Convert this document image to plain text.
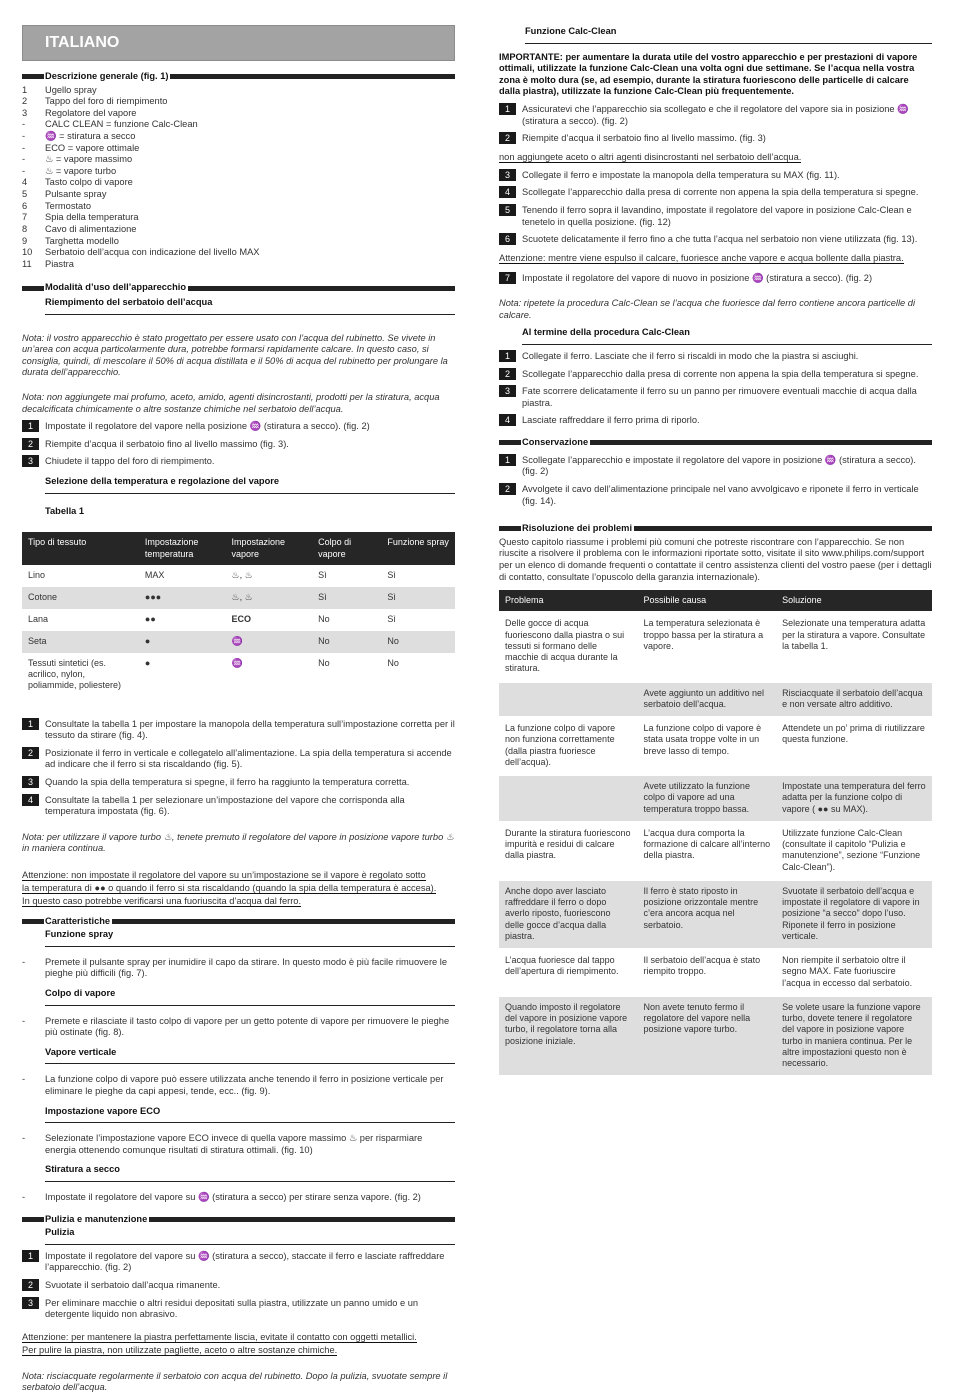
ITALIANO
Descrizione generale (fig. 1)
1	Ugello spray
2	Tappo del foro di riempimento
3	Regolatore del vapore
-	CALC CLEAN = funzione Calc-Clean
-	♒ = stiratura a secco
-	ECO = vapore ottimale
-	♨ = vapore massimo
-	♨ = vapore turbo
4	Tasto colpo di vapore
5	Pulsante spray
6	Termostato
7	Spia della temperatura
8	Cavo di alimentazione
9	Targhetta modello
10	Serbatoio dell’acqua con indicazione del livello MAX
11	Piastra
Modalità d’uso dell’apparecchio
Riempimento del serbatoio dell’acqua

Nota: il vostro apparecchio è stato progettato per essere usato con l’acqua del rubinetto. Se vivete in un’area con acqua particolarmente dura, potrebbe formarsi rapidamente calcare. In questo caso, si consiglia, quindi, di mescolare il 50% di acqua distillata e il 50% di acqua del rubinetto per prolungare la durata dell’apparecchio.

Nota: non aggiungete mai profumo, aceto, amido, agenti disincrostanti, prodotti per la stiratura, acqua decalcificata chimicamente o altre sostanze chimiche nel serbatoio dell’acqua.

1	Impostate il regolatore del vapore nella posizione ♒ (stiratura a secco). (fig. 2)
2	Riempite d’acqua il serbatoio fino al livello massimo (fig. 3).
3	Chiudete il tappo del foro di riempimento.
Selezione della temperatura e regolazione del vapore
Tabella 1
Tipo di tessuto	Impostazione temperatura	Impostazione vapore	Colpo di vapore	Funzione spray
Lino	MAX	♨, ♨	Sì	Sì
Cotone	●●●	♨, ♨	Sì	Sì
Lana	●●	ECO	No	Sì
Seta	●	♒	No	No
Tessuti sintetici (es. acrilico, nylon, poliammide, poliestere)	●	♒	No	No
1	Consultate la tabella 1 per impostare la manopola della temperatura sull’impostazione corretta per il tessuto da stirare (fig. 4).
2	Posizionate il ferro in verticale e collegatelo all’alimentazione. La spia della temperatura si accende ad indicare che il ferro si sta riscaldando (fig. 5).
3	Quando la spia della temperatura si spegne, il ferro ha raggiunto la temperatura corretta.
4	Consultate la tabella 1 per selezionare un’impostazione del vapore che corrisponda alla temperatura impostata (fig. 6).

Nota: per utilizzare il vapore turbo ♨, tenete premuto il regolatore del vapore in posizione vapore turbo ♨ in maniera continua.

Attenzione: non impostate il regolatore del vapore su un’impostazione se il vapore è regolato sotto
la temperatura di ●● o quando il ferro si sta riscaldando (quando la spia della temperatura è accesa).
In questo caso potrebbe verificarsi una fuoriuscita d’acqua dal ferro.
Caratteristiche
Funzione spray
-	Premete il pulsante spray per inumidire il capo da stirare. In questo modo è più facile rimuovere le pieghe più difficili (fig. 7).
Colpo di vapore
-	Premete e rilasciate il tasto colpo di vapore per un getto potente di vapore per rimuovere le pieghe più ostinate (fig. 8).
Vapore verticale
-	La funzione colpo di vapore può essere utilizzata anche tenendo il ferro in posizione verticale per eliminare le pieghe da capi appesi, tende, ecc.. (fig. 9).
Impostazione vapore ECO
-	Selezionate l’impostazione vapore ECO invece di quella vapore massimo ♨ per risparmiare energia ottenendo comunque risultati di stiratura ottimali. (fig. 10)
Stiratura a secco
-	Impostate il regolatore del vapore su ♒ (stiratura a secco) per stirare senza vapore. (fig. 2)
Pulizia e manutenzione
Pulizia
1	Impostate il regolatore del vapore su ♒ (stiratura a secco), staccate il ferro e lasciate raffreddare l’apparecchio. (fig. 2)
2	Svuotate il serbatoio dall’acqua rimanente.
3	Per eliminare macchie o altri residui depositati sulla piastra, utilizzate un panno umido e un detergente liquido non abrasivo.
Attenzione: per mantenere la piastra perfettamente liscia, evitate il contatto con oggetti metallici.
Per pulire la piastra, non utilizzate pagliette, aceto o altre sostanze chimiche.

Nota: risciacquate regolarmente il serbatoio con acqua del rubinetto. Dopo la pulizia, svuotate sempre il serbatoio dell’acqua.

Funzione Calc-Clean

IMPORTANTE: per aumentare la durata utile del vostro apparecchio e per prestazioni di vapore ottimali, utilizzate la funzione Calc-Clean una volta ogni due settimane. Se l’acqua nella vostra zona è molto dura (se, ad esempio, durante la stiratura fuoriescono delle particelle di calcare dalla piastra), utilizzate la funzione Calc-Clean più frequentemente.

1	Assicuratevi che l’apparecchio sia scollegato e che il regolatore del vapore sia in posizione ♒ (stiratura a secco). (fig. 2)
2	Riempite d’acqua il serbatoio fino al livello massimo. (fig. 3)
non aggiungete aceto o altri agenti disincrostanti nel serbatoio dell’acqua.
3	Collegate il ferro e impostate la manopola della temperatura su MAX (fig. 11).
4	Scollegate l’apparecchio dalla presa di corrente non appena la spia della temperatura si spegne.
5	Tenendo il ferro sopra il lavandino, impostate il regolatore del vapore in posizione Calc-Clean e tenetelo in quella posizione. (fig. 12)
6	Scuotete delicatamente il ferro fino a che tutta l’acqua nel serbatoio non viene utilizzata (fig. 13).
Attenzione: mentre viene espulso il calcare, fuoriesce anche vapore e acqua bollente dalla piastra.
7	Impostate il regolatore del vapore di nuovo in posizione ♒ (stiratura a secco). (fig. 2)

Nota: ripetete la procedura Calc-Clean se l’acqua che fuoriesce dal ferro contiene ancora particelle di calcare.

Al termine della procedura Calc-Clean
1	Collegate il ferro. Lasciate che il ferro si riscaldi in modo che la piastra si asciughi.
2	Scollegate l’apparecchio dalla presa di corrente non appena la spia della temperatura si spegne.
3	Fate scorrere delicatamente il ferro su un panno per rimuovere eventuali macchie di acqua dalla piastra.
4	Lasciate raffreddare il ferro prima di riporlo.
Conservazione
1	Scollegate l’apparecchio e impostate il regolatore del vapore in posizione ♒ (stiratura a secco). (fig. 2)
2	Avvolgete il cavo dell’alimentazione principale nel vano avvolgicavo e riponete il ferro in verticale (fig. 14).
Risoluzione dei problemi

Questo capitolo riassume i problemi più comuni che potreste riscontrare con l’apparecchio. Se non riuscite a risolvere il problema con le informazioni riportate sotto, visitate il sito www.philips.com/support per un elenco di domande frequenti o contattate il centro assistenza clienti del vostro paese (per i dettagli di contatto, consultate l’opuscolo della garanzia internazionale).

Problema	Possibile causa	Soluzione
Delle gocce di acqua fuoriescono dalla piastra o sui tessuti si formano delle macchie di acqua durante la stiratura.	La temperatura selezionata è troppo bassa per la stiratura a vapore.	Selezionate una temperatura adatta per la stiratura a vapore. Consultate la tabella 1.
	Avete aggiunto un additivo nel serbatoio dell’acqua.	Risciacquate il serbatoio dell’acqua e non versate altro additivo.
La funzione colpo di vapore non funziona correttamente (dalla piastra fuoriesce dell’acqua).	La funzione colpo di vapore è stata usata troppe volte in un breve lasso di tempo.	Attendete un po’ prima di riutilizzare questa funzione.
	Avete utilizzato la funzione colpo di vapore ad una temperatura troppo bassa.	Impostate una temperatura del ferro adatta per la funzione colpo di vapore ( ●● su MAX).
Durante la stiratura fuoriescono impurità e residui di calcare dalla piastra.	L’acqua dura comporta la formazione di calcare all’interno della piastra.	Utilizzate funzione Calc-Clean (consultate il capitolo “Pulizia e manutenzione”, sezione “Funzione Calc-Clean”).
Anche dopo aver lasciato raffreddare il ferro o dopo averlo riposto, fuoriescono delle gocce d’acqua dalla piastra.	Il ferro è stato riposto in posizione orizzontale mentre c’era ancora acqua nel serbatoio.	Svuotate il serbatoio dell’acqua e impostate il regolatore di vapore in posizione “a secco” dopo l’uso. Riponete il ferro in posizione verticale.
L’acqua fuoriesce dal tappo dell’apertura di riempimento.	Il serbatoio dell’acqua è stato riempito troppo.	Non riempite il serbatoio oltre il segno MAX. Fate fuoriuscire l’acqua in eccesso dal serbatoio.
Quando imposto il regolatore del vapore in posizione vapore turbo, il regolatore torna alla posizione iniziale.	Non avete tenuto fermo il regolatore del vapore nella posizione vapore turbo.	Se volete usare la funzione vapore turbo, dovete tenere il regolatore del vapore in posizione vapore turbo in maniera continua. Per le altre impostazioni questo non è necessario.
